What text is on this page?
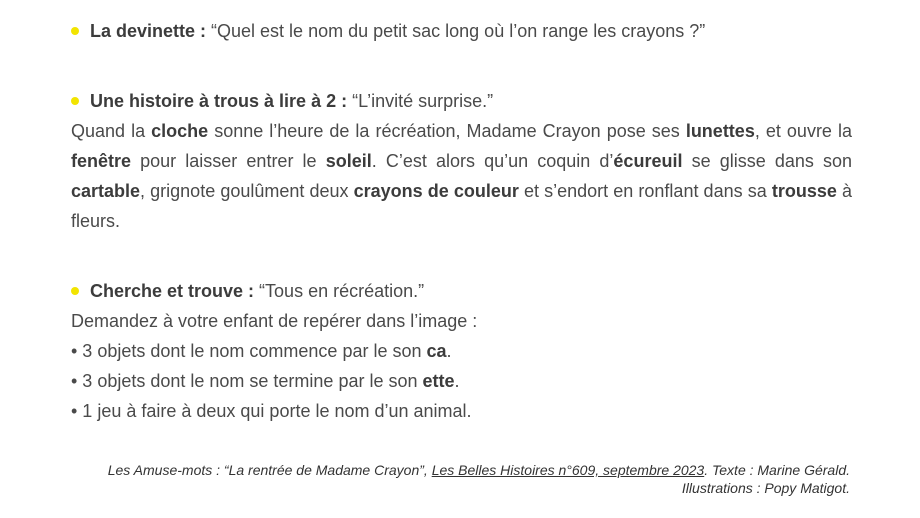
La devinette : “Quel est le nom du petit sac long où l’on range les crayons ?”
Une histoire à trous à lire à 2 : “L’invité surprise.”
Quand la cloche sonne l’heure de la récréation, Madame Crayon pose ses lunettes, et ouvre la fenêtre pour laisser entrer le soleil. C’est alors qu’un coquin d’écureuil se glisse dans son cartable, grignote goulûment deux crayons de couleur et s’endort en ronflant dans sa trousse à fleurs.
Cherche et trouve : “Tous en récréation.”
Demandez à votre enfant de repérer dans l’image :
• 3 objets dont le nom commence par le son ca.
• 3 objets dont le nom se termine par le son ette.
• 1 jeu à faire à deux qui porte le nom d’un animal.
Les Amuse-mots : “La rentrée de Madame Crayon”, Les Belles Histoires n°609, septembre 2023. Texte : Marine Gérald. Illustrations : Popy Matigot.
